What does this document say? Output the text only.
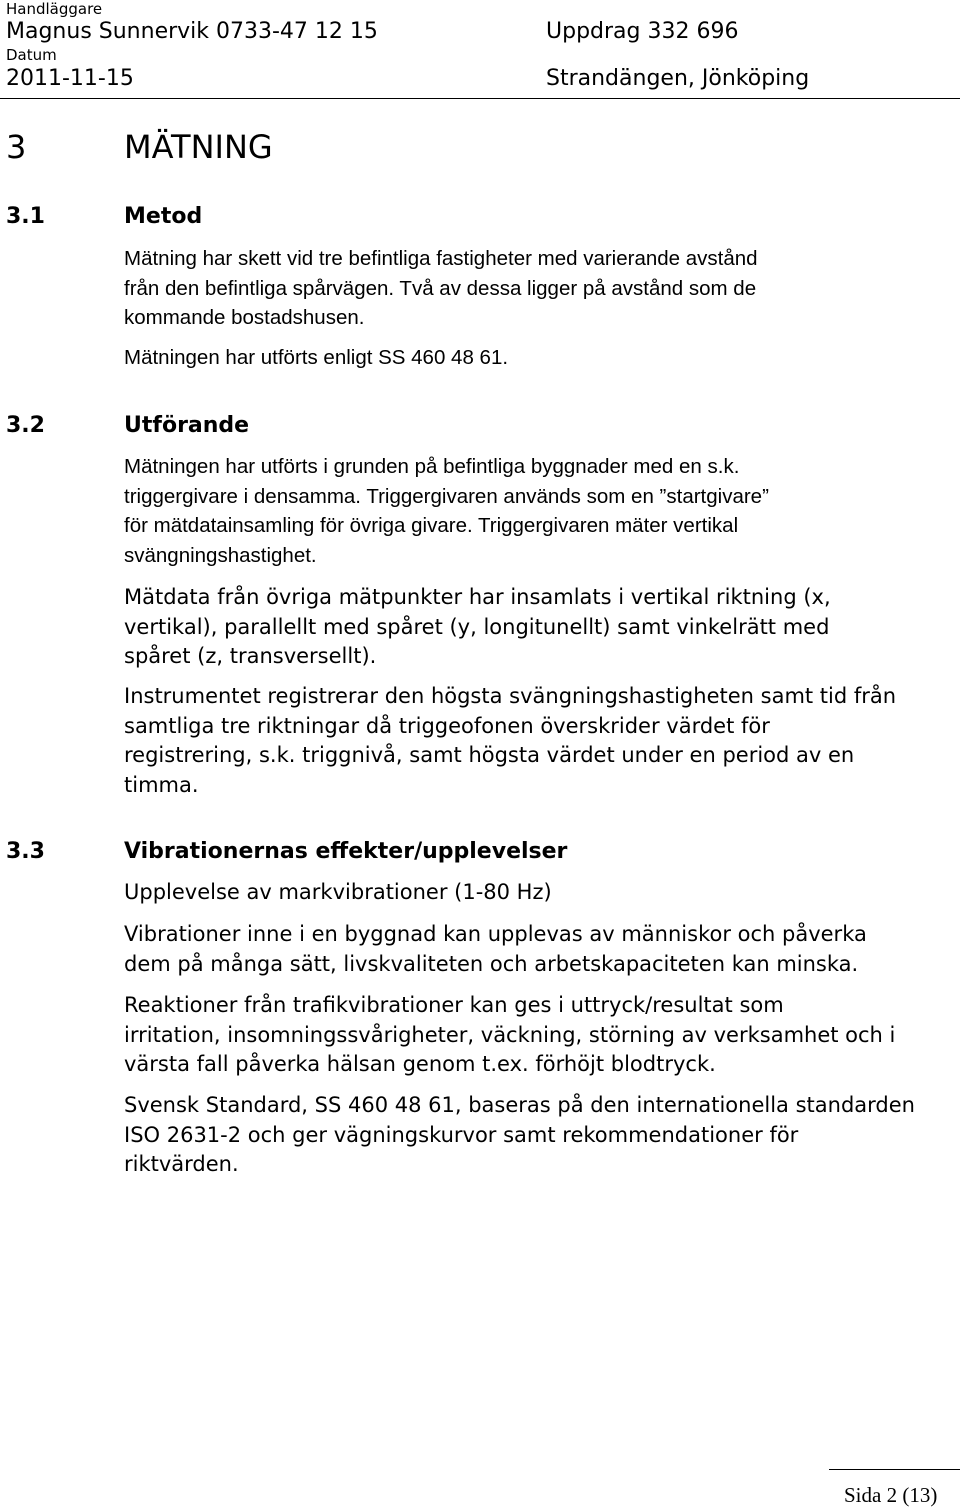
Handläggare
Magnus Sunnervik 0733-47 12 15	Uppdrag 332 696
Datum
2011-11-15	Strandängen, Jönköping
3	MÄTNING
3.1	Metod
Mätning har skett vid tre befintliga fastigheter med varierande avstånd
från den befintliga spårvägen. Två av dessa ligger på avstånd som de
kommande bostadshusen.
Mätningen har utförts enligt SS 460 48 61.
3.2	Utförande
Mätningen har utförts i grunden på befintliga byggnader med en s.k.
triggergivare i densamma. Triggergivaren används som en ”startgivare”
för mätdatainsamling för övriga givare. Triggergivaren mäter vertikal
svängningshastighet.
Mätdata från övriga mätpunkter har insamlats i vertikal riktning (x,
vertikal), parallellt med spåret (y, longitunellt) samt vinkelrätt med
spåret (z, transversellt).
Instrumentet registrerar den högsta svängningshastigheten samt tid från
samtliga tre riktningar då triggeofonen överskrider värdet för
registrering, s.k. triggnivå, samt högsta värdet under en period av en
timma.
3.3	Vibrationernas effekter/upplevelser
Upplevelse av markvibrationer (1-80 Hz)
Vibrationer inne i en byggnad kan upplevas av människor och påverka
dem på många sätt, livskvaliteten och arbetskapaciteten kan minska.
Reaktioner från trafikvibrationer kan ges i uttryck/resultat som
irritation, insomningssvårigheter, väckning, störning av verksamhet och i
värsta fall påverka hälsan genom t.ex. förhöjt blodtryck.
Svensk Standard, SS 460 48 61, baseras på den internationella standarden
ISO 2631-2 och ger vägningskurvor samt rekommendationer för
riktvärden.
Sida 2 (13)
